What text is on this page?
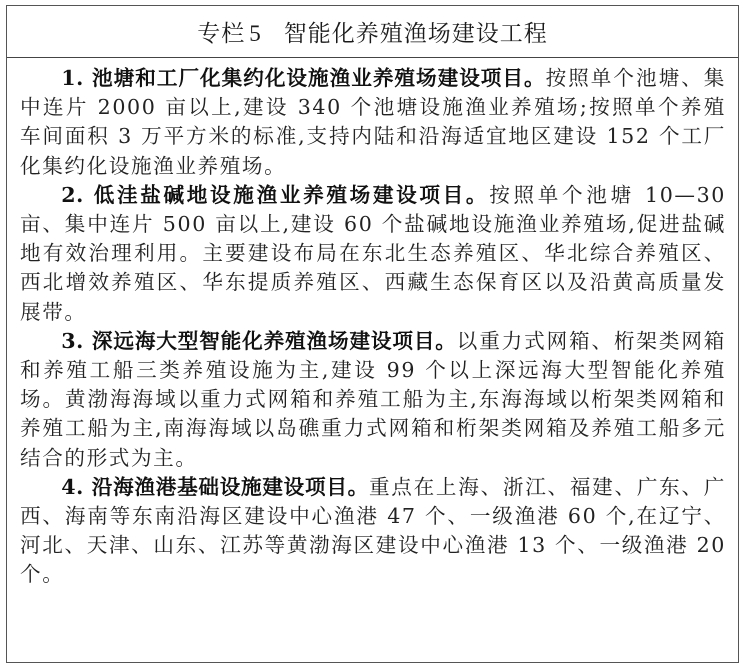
专栏 5 智能化养殖渔场建设工程

1. 池塘和工厂化集约化设施渔业养殖场建设项目。按照单个池塘、集中连片 2000 亩以上,建设 340 个池塘设施渔业养殖场;按照单个养殖车间面积 3 万平方米的标准,支持内陆和沿海适宜地区建设 152 个工厂化集约化设施渔业养殖场。

2. 低洼盐碱地设施渔业养殖场建设项目。按照单个池塘 10—30 亩、集中连片 500 亩以上,建设 60 个盐碱地设施渔业养殖场,促进盐碱地有效治理利用。主要建设布局在东北生态养殖区、华北综合养殖区、西北增效养殖区、华东提质养殖区、西藏生态保育区以及沿黄高质量发展带。

3. 深远海大型智能化养殖渔场建设项目。以重力式网箱、桁架类网箱和养殖工船三类养殖设施为主,建设 99 个以上深远海大型智能化养殖场。黄渤海海域以重力式网箱和养殖工船为主,东海海域以桁架类网箱和养殖工船为主,南海海域以岛礁重力式网箱和桁架类网箱及养殖工船多元结合的形式为主。

4. 沿海渔港基础设施建设项目。重点在上海、浙江、福建、广东、广西、海南等东南沿海区建设中心渔港 47 个、一级渔港 60 个,在辽宁、河北、天津、山东、江苏等黄渤海区建设中心渔港 13 个、一级渔港 20 个。
